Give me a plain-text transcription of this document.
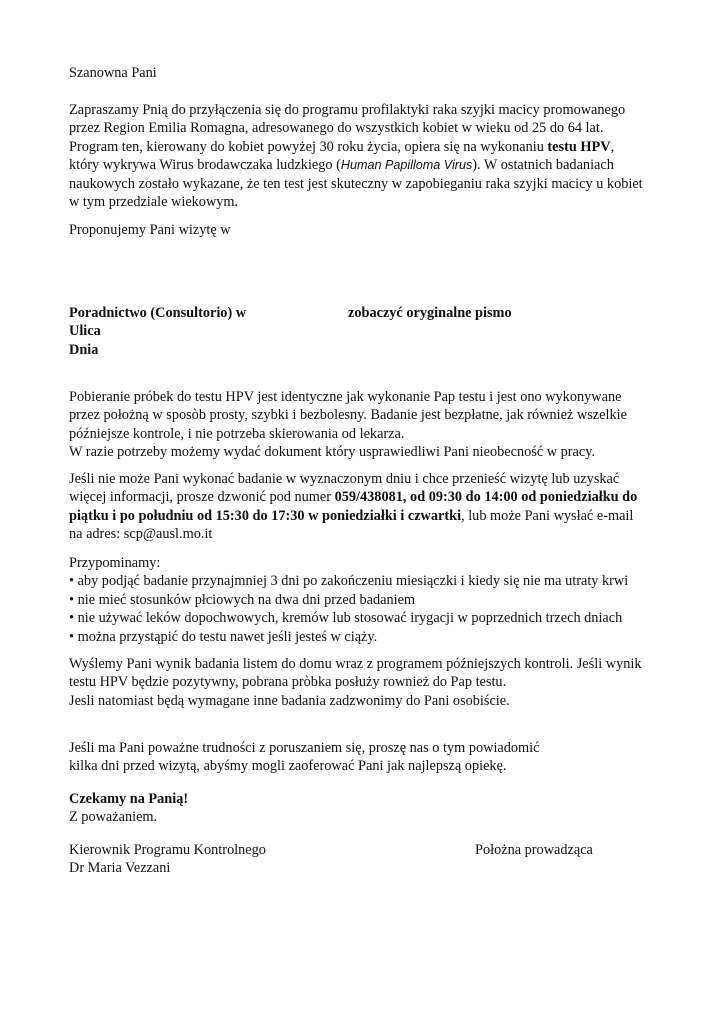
Szanowna Pani
Zapraszamy Pnią do przyłączenia się do programu profilaktyki raka szyjki macicy promowanego
przez Region Emilia Romagna, adresowanego do wszystkich kobiet w wieku od 25 do 64 lat.
Program ten, kierowany do kobiet powyżej 30 roku życia, opiera się na wykonaniu testu HPV,
który wykrywa Wirus brodawczaka ludzkiego (Human Papilloma Virus). W ostatnich badaniach
naukowych zostało wykazane, że ten test jest skuteczny w zapobieganiu raka szyjki macicy u kobiet
w tym przedziale wiekowym.
Proponujemy Pani wizytę w
Poradnictwo (Consultorio) w
Ulica
Dnia
zobaczyć oryginalne pismo
Pobieranie próbek do testu HPV jest identyczne jak wykonanie Pap testu i jest ono wykonywane
przez położną w sposòb prosty, szybki i bezbolesny. Badanie jest bezpłatne, jak również wszelkie
późniejsze kontrole, i nie potrzeba skierowania od lekarza.
W razie potrzeby możemy wydać dokument który usprawiedliwi Pani nieobecność w pracy.
Jeśli nie może Pani wykonać badanie w wyznaczonym dniu i chce przenieść wizytę lub uzyskać
więcej informacji, prosze dzwonić pod numer 059/438081, od 09:30 do 14:00 od poniedziałku do
piątku i po południu od 15:30 do 17:30 w poniedziałki i czwartki, lub może Pani wysłać e-mail
na adres: scp@ausl.mo.it
Przypominamy:
• aby podjąć badanie przynajmniej 3 dni po zakończeniu miesiączki i kiedy się nie ma utraty krwi
• nie mieć stosunków płciowych na dwa dni przed badaniem
• nie używać leków dopochwowych, kremów lub stosować irygacji w poprzednich trzech dniach
• można przystąpić do testu nawet jeśli jesteś w ciąży.
Wyślemy Pani wynik badania listem do domu wraz z programem późniejszych kontroli. Jeśli wynik
testu HPV będzie pozytywny, pobrana pròbka posłuży rownież do Pap testu.
Jesli natomiast będą wymagane inne badania zadzwonimy do Pani osobiście.
Jeśli ma Pani poważne trudności z poruszaniem się, proszę nas o tym powiadomić
kilka dni przed wizytą, abyśmy mogli zaoferować Pani jak najlepszą opiekę.
Czekamy na Panią!
Z poważaniem.
Kierownik Programu Kontrolnego
Dr Maria Vezzani
Położna prowadząca
